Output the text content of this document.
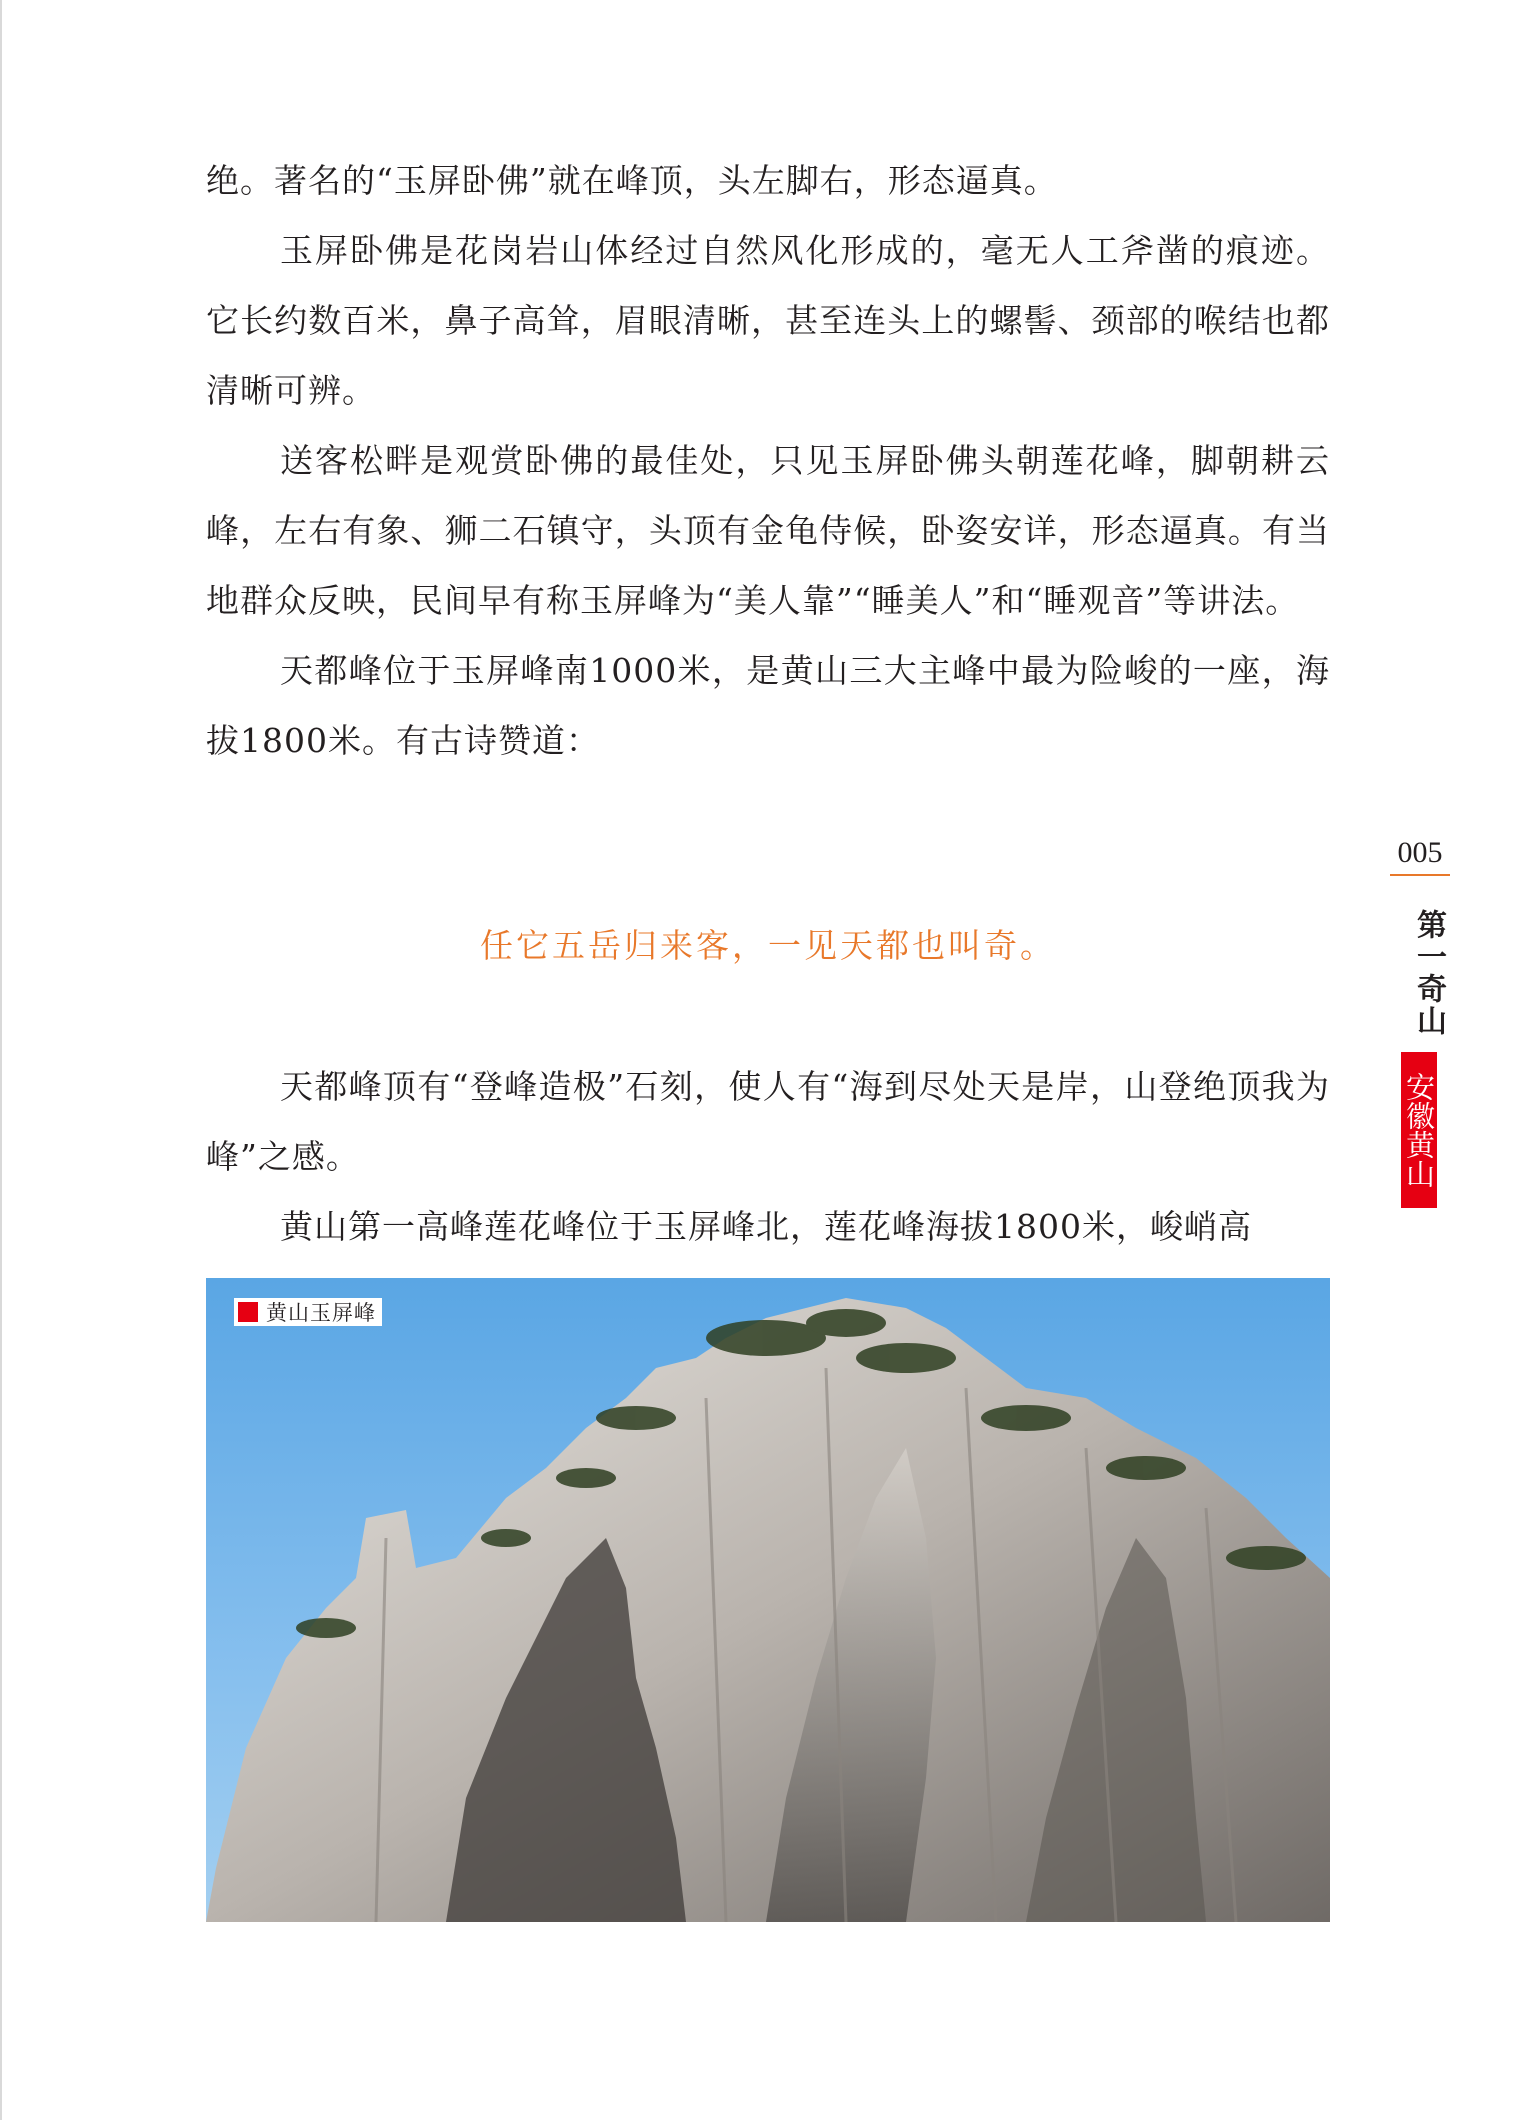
绝。著名的“玉屏卧佛”就在峰顶，头左脚右，形态逼真。

玉屏卧佛是花岗岩山体经过自然风化形成的，毫无人工斧凿的痕迹。它长约数百米，鼻子高耸，眉眼清晰，甚至连头上的螺髻、颈部的喉结也都清晰可辨。

送客松畔是观赏卧佛的最佳处，只见玉屏卧佛头朝莲花峰，脚朝耕云峰，左右有象、狮二石镇守，头顶有金龟侍候，卧姿安详，形态逼真。有当地群众反映，民间早有称玉屏峰为“美人靠”“睡美人”和“睡观音”等讲法。

天都峰位于玉屏峰南1000米，是黄山三大主峰中最为险峻的一座，海拔1800米。有古诗赞道：

任它五岳归来客，一见天都也叫奇。

天都峰顶有“登峰造极”石刻，使人有“海到尽处天是岸，山登绝顶我为峰”之感。

黄山第一高峰莲花峰位于玉屏峰北，莲花峰海拔1800米，峻峭高

005
第一奇山
安徽黄山
黄山玉屏峰
